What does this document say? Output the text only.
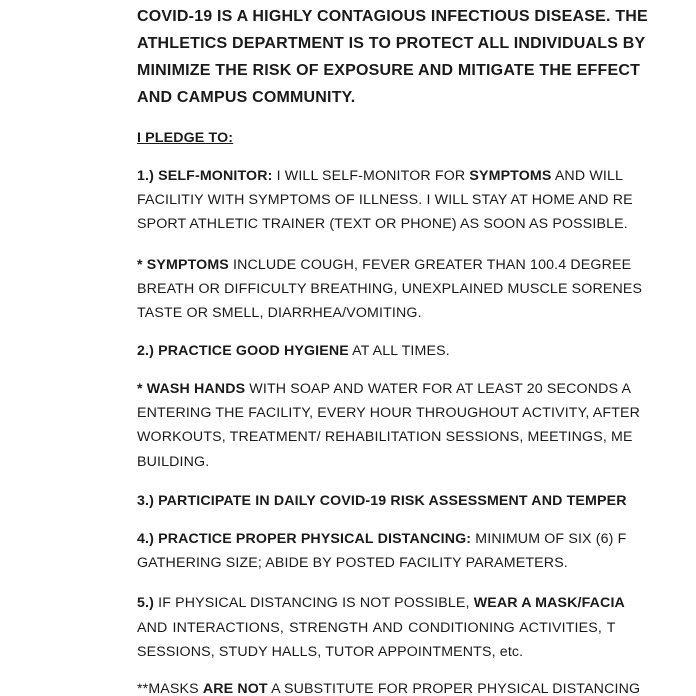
COVID-19 IS A HIGHLY CONTAGIOUS INFECTIOUS DISEASE. THE
ATHLETICS DEPARTMENT IS TO PROTECT ALL INDIVIDUALS BY
MINIMIZE THE RISK OF EXPOSURE AND MITIGATE THE EFFECT
AND CAMPUS COMMUNITY.
I PLEDGE TO:
1.) SELF-MONITOR: I WILL SELF-MONITOR FOR SYMPTOMS AND WILL
FACILITIY WITH SYMPTOMS OF ILLNESS. I WILL STAY AT HOME AND RE
SPORT ATHLETIC TRAINER (TEXT OR PHONE) AS SOON AS POSSIBLE.
* SYMPTOMS INCLUDE COUGH, FEVER GREATER THAN 100.4 DEGREE
BREATH OR DIFFICULTY BREATHING, UNEXPLAINED MUSCLE SORENES
TASTE OR SMELL, DIARRHEA/VOMITING.
2.) PRACTICE GOOD HYGIENE AT ALL TIMES.
* WASH HANDS WITH SOAP AND WATER FOR AT LEAST 20 SECONDS A
ENTERING THE FACILITY, EVERY HOUR THROUGHOUT ACTIVITY, AFTER
WORKOUTS, TREATMENT/ REHABILITATION SESSIONS, MEETINGS, ME
BUILDING.
3.) PARTICIPATE IN DAILY COVID-19 RISK ASSESSMENT AND TEMPER
4.) PRACTICE PROPER PHYSICAL DISTANCING: MINIMUM OF SIX (6) F
GATHERING SIZE; ABIDE BY POSTED FACILITY PARAMETERS.
5.) IF PHYSICAL DISTANCING IS NOT POSSIBLE, WEAR A MASK/FACIA
AND INTERACTIONS, STRENGTH AND CONDITIONING ACTIVITIES, T
SESSIONS, STUDY HALLS, TUTOR APPOINTMENTS, etc.
**MASKS ARE NOT A SUBSTITUTE FOR PROPER PHYSICAL DISTANCING
